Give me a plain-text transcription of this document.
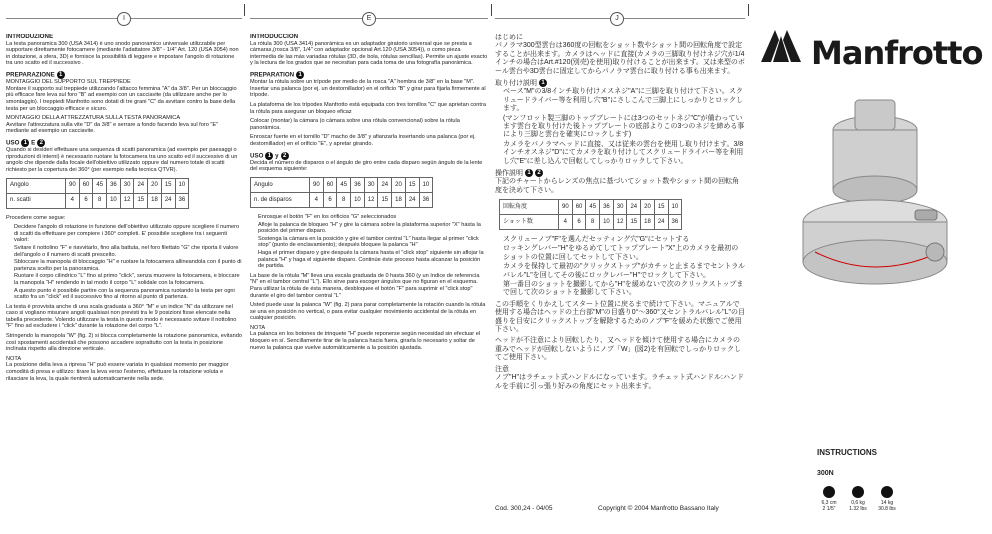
I	E	J
INTRODUZIONE

La testa panoramica 300 (USA 3414) è uno snodo panoramico universale utilizzabile per supportare direttamente fotocamere (mediante l'adattatore 3/8" - 1/4" Art. 120 (USA 3054) non in dotazione, a sfera, 3D) e fornisce la possibilità di leggere e impostare l'angolo di rotazione tra uno scatto ed il successivo .

PREPARAZIONE 1
MONTAGGIO DEL SUPPORTO SUL TREPPIEDE

Montare il supporto sul treppiede utilizzando l'attacco femmina "A" da 3/8". Per un bloccaggio più efficace fare leva sul foro "B" ad esempio con un cacciavite (da utilizzare anche per lo smontaggio). I treppiedi Manfrotto sono dotati di tre grani "C" da avvitare contro la base della testa per un bloccaggio efficace e sicuro.

MONTAGGIO DELLA ATTREZZATURA SULLA TESTA PANORAMICA

Avvitare l'attrezzatura sulla vite "D" da 3/8" e serrare a fondo facendo leva sul foro "E" mediante ad esempio un cacciavite.

USO 1 E 2

Quando si desideri effettuare una sequenza di scatti panoramica (ad esempio per paesaggi o riproduzioni di interni) è necessario ruotare la fotocamera tra uno scatto ed il successivo di un angolo che dipende dalla focale dell'obiettivo utilizzato oppure dal numero totale di scatti richiesto per la copertura dei 360° (per esempio nella tecnica QTVR).

Angolo	90	60	45	36	30	24	20	15	10
n. scatti	4	6	8	10	12	15	18	24	36

Procedere come segue:

• Decidere l'angolo di rotazione in funzione dell'obiettivo utilizzato oppure scegliere il numero di scatti da effettuare per compiere i 360° completi. E' possibile scegliere tra i seguenti valori:
• Svitare il nottolino "F" e riavvitarlo, fino alla battuta, nel foro filettato "G" che riporta il valore dell'angolo o il numero di scatti prescelto.
• Sbloccare la manopola di bloccaggio "H" e ruotare la fotocamera allineandola con il punto di partenza scelto per la panoramica.
• Ruotare il corpo cilindrico "L" fino al primo "click", senza muovere la fotocamera, e bloccare la manopola "H" rendendo in tal modo il corpo "L" solidale con la fotocamera.
• A questo punto è possibile partire con la sequenza panoramica ruotando la testa per ogni scatto fra un "click" ed il successivo fino al ritorno al punto di partenza.

La testa è provvista anche di una scala graduata a 360° "M" e un indice "N" da utilizzare nel caso si vogliano misurare angoli qualsiasi non previsti tra le 9 posizioni fisse elencate nella tabella precedente. Volendo utilizzare la testa in questo modo è necessario svitare il nottolino "F" fino ad escludere i "click" durante la rotazione del corpo "L".

Stringendo la manopola "W" (fig. 2) si blocca completamente la rotazione panoramica, evitando così spostamenti accidentali che possono accadere soprattutto con la testa in posizione inclinata rispetto alla direzione verticale.

NOTA

La posizione della leva a ripresa "H" può essere variata in qualsiasi momento per maggior comodità di presa e utilizzo: tirare la leva verso l'esterno, effettuare la rotazione voluta e rilasciare la leva, la quale rientrerà automaticamente nella sede.

INTRODUCCION

La rótula 300 (USA 3414) panorámica es un adaptador giratorio universal que se presta a cámaras,(rosca 3/8", 1/4" con adaptador opcional Art.120 (USA 3054)), o como pieza intermedia de las más variadas rótulas (3D, de bola, rótulas sencillas). Permite un ajuste exacto y la lectura de los grados que se necesitan para cada toma de una fotografía panorámica.

PREPARATION 1

Montar la rótula sobre un trípode por medio de la rosca "A" hembra de 3/8" en la base "M". Insertar una palanca (por ej. un destornillador) en el orificio "B" y girar para fijarla firmemente al trípode.

La plataforma de los trípodes Manfrotto está equipada con tres tornillos "C" que aprietan contra la rótula para asegurar un bloqueo eficaz

Colocar (montar) la cámara (o cámara sobre una rótula convencional) sobre la rótula panorámica.

Enroscar fuerte en el tornillo "D" macho de 3/8" y afianzarla insertando una palanca (por ej. destornillador) en el orificio "E", y apretar girando.

USO 1 y 2

Decida el número de disparos o el ángulo de giro entre cada disparo según ángulo de la lente del esquema siguiente:

Angulo	90	60	45	36	30	24	20	15	10
n. de disparos	4	6	8	10	12	15	18	24	36
• Enrosque el botón "F" en los orificios "G" seleccionados
• Afloje la palanca de bloqueo "H" y gire la cámara sobre la plataforma superior "X" hasta la posición del primer disparo.
• Sostenga la cámara en la posición y gire el tambor central "L" hasta llegar al primer "click stop" (punto de enclavamiento); después bloquee la palanca "H"
• Haga el primer disparo y gire después la cámara hasta el "click stop" siguiente sin aflojar la palanca "H" y haga el siguiente disparo. Continúe éste proceso hasta alcanzar la posición de partida.

La base de la rótula "M" lleva una escala graduada de 0 hasta 360 (y un índice de referencia "N" en el tambor central "L"). Ello sirve para escoger ángulos que no figuran en el esquema. Para utilizar la rótula de ésta manera, desbloquee el botón "F" para suprimir el "click stop" durante el giro del tambor central "L"

Usted puede usar la palanca "W" (fig. 2) para parar completamente la rotación cuando la rótula se una en posición no vertical, o para evitar cualquier movimiento accidental de la rótula en cualquier posición.

NOTA

La palanca en los botones de trinquete "H" puede reponerse según necesidad sin efectuar el bloqueo en sí. Sencillamente tirar de la palanca hacia fuera, girarla lo necesario y soltar de nuevo la palanca que vuelve automáticamente a la posición ajustada.

はじめに

パノラマ300型雲台は360度の回転をショット数やショット間の回転角度で設定することが出来ます。カメラはヘッドに直接(カメラの三脚取り付けネジ穴が1/4インチの場合はArt.#120(別売)を使用)取り付けることが出来ます。又は来型のボール雲台や3D雲台に固定してからパノラマ雲台に取り付ける事も出来ます。

取り付け説明 1
• ベース"M"の3/8インチ取り付けメスネジ"A"に三脚を取り付けて下さい。スクリュードライバー等を利用し穴"B"にさしこんで三脚上にしっかりとロックします。
(マンフロット製三脚のトップブレートには3つのセットネジ"C"が備わっています雲台を取り付けた後トップブレートの底部よりこの3つのネジを締める事により三脚と雲台を確実にロックします)
• カメラをパノラマヘッドに直接、又は従来の雲台を使用し取り付けます。3/8インチオスネジ"D"にてカメラを取り付けしてスクリュードライバー等を利用し穴"E"に差し込んで回転してしっかりロックして下さい。
操作説明 1 2

下記のチャートからレンズの焦点に基づいてショット数やショット間の回転角度を決めて下さい。

回転角度	90	60	45	36	30	24	20	15	10
ショット数	4	6	8	10	12	15	18	24	36
• スクリューノブ"F"を選んだセッティング穴"G"にセットする
• ロッキングレバー"H"をゆるめてしてトップブレート"X"上のカメラを最初のショットの位置に回してセットして下さい。
• カメラを保持して最初の"クリックストップ"がカチッと止まるまでセントラルバレル"L"を回してその後にロックレバー"H"でロックして下さい。
• 第一番目のショットを撮影してから"H"を緩めないで次のクリックストップまで回して次のショットを撮影して下さい。

この手順をくりかえしてスタート位置に戻るまで続けて下さい。マニュアルで使用する場合はヘッドの土台部"M"の目盛り0°〜360°又セントラルバレル"L"の目盛りを目安にクリックストップを解除するためのノブ"F"を緩めた状態でご使用下さい。

ヘッドが不注意により回転したり、又ヘッドを傾けて使用する場合にカメラの重みでヘッドが回転しないようにノブ「W」(図2)を有回転でしっかりロックしてご使用下さい。

注意

ノブ"H"はラチェット式ハンドルになっています。ラチェット式ハンドル:ハンドルを手前に引っ張り好みの角度にセット出来ます。

Cod. 300,24 - 04/05	Copyright © 2004 Manfrotto Bassano Italy
Manfrotto
INSTRUCTIONS
300N
6,3 cm
2 1/5"
0,6 kg
1.32 lbs
14 kg
30.8 lbs
